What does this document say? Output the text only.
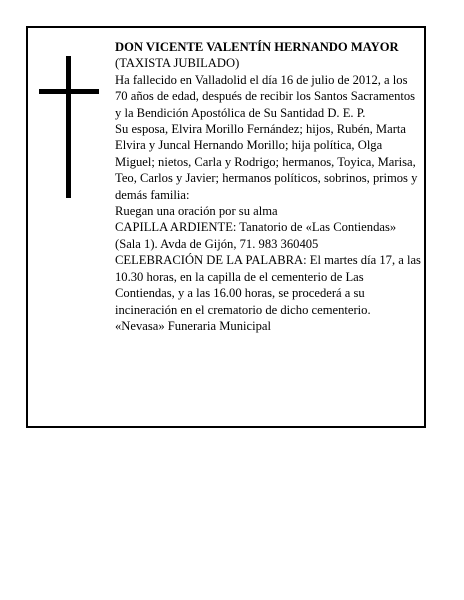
DON VICENTE VALENTÍN HERNANDO MAYOR

(TAXISTA JUBILADO)

Ha fallecido en Valladolid el día 16 de julio de 2012, a los 70 años de edad, después de recibir los Santos Sacramentos y la Bendición Apostólica de Su Santidad D. E. P.

Su esposa, Elvira Morillo Fernández; hijos, Rubén, Marta Elvira y Juncal Hernando Morillo; hija política, Olga Miguel; nietos, Carla y Rodrigo; hermanos, Toyica, Marisa, Teo, Carlos y Javier; hermanos políticos, sobrinos, primos y demás familia:

Ruegan una oración por su alma

CAPILLA ARDIENTE: Tanatorio de «Las Contiendas» (Sala 1). Avda de Gijón, 71. 983 360405

CELEBRACIÓN DE LA PALABRA: El martes día 17, a las 10.30 horas, en la capilla de el cementerio de Las Contiendas, y a las 16.00 horas, se procederá a su incineración en el crematorio de dicho cementerio.

«Nevasa» Funeraria Municipal
